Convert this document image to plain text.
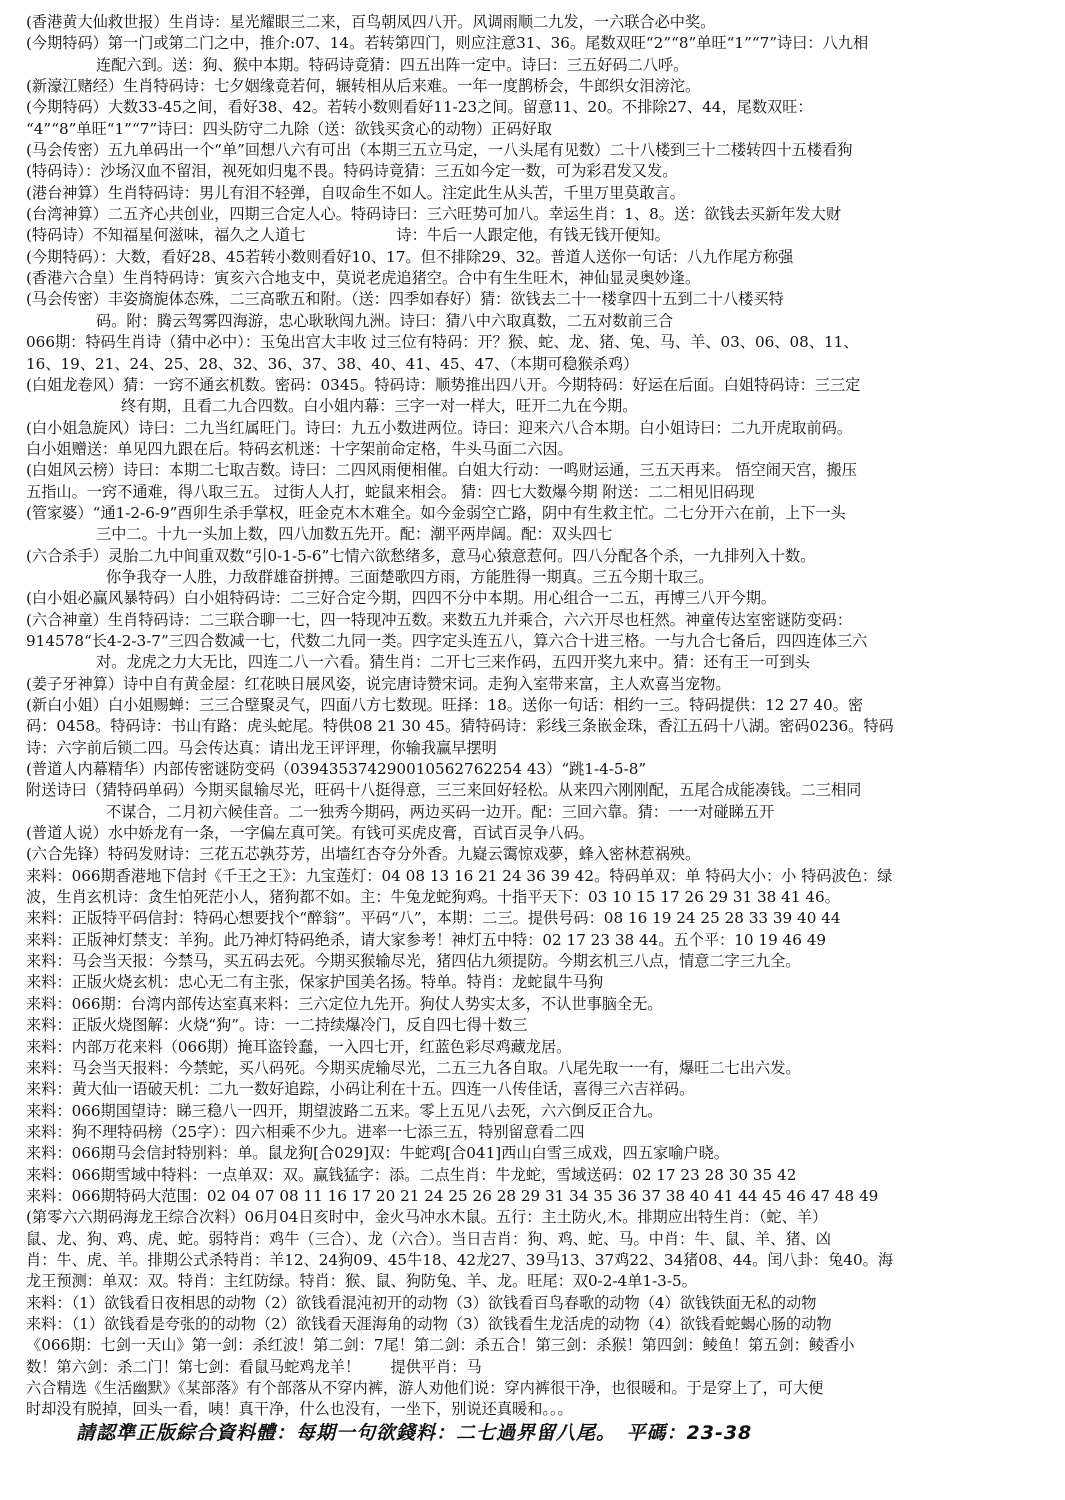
(香港黄大仙救世报）生肖诗：星光耀眼三二来，百鸟朝凤四八开。风调雨顺二九发，一六联合必中奖。
(今期特码）第一门或第二门之中，推介:07、14。若转第四门，则应注意31、36。尾数双旺“2”“8”单旺“1”“7”诗曰：八九相
连配六到。送：狗、猴中本期。特码诗竟猜：四五出阵一定中。诗曰：三五好码二八呼。
(新濠江赌经）生肖特码诗：七夕姻缘竟若何，辗转相从后来难。一年一度鹊桥会，牛郎织女泪滂沱。
(今期特码）大数33-45之间，看好38、42。若转小数则看好11-23之间。留意11、20。不排除27、44，尾数双旺：
“4”“8”单旺“1”“7”诗曰：四头防守二九除（送：欲钱买贪心的动物）正码好取
(马会传密）五九单码出一个“单”回想八六有可出（本期三五立马定，一八头尾有见数）二十八楼到三十二楼转四十五楼看狗
(特码诗）：沙场汉血不留泪，视死如归鬼不畏。特码诗竟猜：三五如今定一数，可为彩君发又发。
(港台神算）生肖特码诗：男儿有泪不轻弹，自叹命生不如人。注定此生从头苦，千里万里莫敢言。
(台湾神算）二五齐心共创业，四期三合定人心。特码诗曰：三六旺势可加八。幸运生肖：1、8。送：欲钱去买新年发大财
(特码诗）不知福星何滋味，福久之人道七　　　　　　诗：牛后一人跟定他，有钱无钱开便知。
(今期特码）：大数，看好28、45若转小数则看好10、17。但不排除29、32。普道人送你一句话：八九作尾方称强
(香港六合皇）生肖特码诗：寅亥六合地支中，莫说老虎追猪空。合中有生生旺木，神仙显灵奥妙逢。
(马会传密）丰姿旖旎体态殊，二三高歌五和附。（送：四季如春好）猜：欲钱去二十一楼拿四十五到二十八楼买特
码。附：腾云驾雾四海游，忠心耿耿闯九洲。诗曰：猜八中六取真数，二五对数前三合
066期：特码生肖诗（猜中必中）：玉兔出宫大丰收 过三位有特码：开？猴、蛇、龙、猪、兔、马、羊、03、06、08、11、
16、19、21、24、25、28、32、36、37、38、40、41、45、47、（本期可稳猴杀鸡）
(白姐龙卷风）猜：一窍不通玄机数。密码：0345。特码诗：顺势推出四八开。今期特码：好运在后面。白姐特码诗：三三定
终有期，且看二九合四数。白小姐内幕：三字一对一样大，旺开二九在今期。
(白小姐急旋风）诗曰：二九当红属旺门。诗曰：九五小数进两位。诗曰：迎来六八合本期。白小姐诗曰：二九开虎取前码。
白小姐赠送：单见四九跟在后。特码玄机迷：十字架前命定格，牛头马面二六因。
(白姐风云榜）诗曰：本期二七取吉数。诗曰：二四风雨便相催。白姐大行动：一鸣财运通，三五天再来。 悟空闹天宫，搬压
五指山。一窍不通难，得八取三五。 过街人人打，蛇鼠来相会。 猜：四七大数爆今期 附送：二二相见旧码现
(管家婆）“通1-2-6-9”酉卯生杀手掌权，旺金克木木难全。如今金弱空亡路，阴中有生救主忙。二七分开六在前，上下一头
三中二。十九一头加上数，四八加数五先开。配：潮平两岸阔。配：双头四七
(六合杀手）灵胎二九中间重双数“引0-1-5-6”七情六欲愁绪多，意马心猿意惹何。四八分配各个杀，一九排列入十数。
你争我夺一人胜，力敌群雄奋拼搏。三面楚歌四方雨，方能胜得一期真。三五今期十取三。
(白小姐必赢风暴特码）白小姐特码诗：二三好合定今期，四四不分中本期。用心组合一二五，再博三八开今期。
(六合神童）生肖特码诗：二三联合聊一七，四一特现冲五数。来数五九并乘合，六六开尽也枉然。神童传达室密谜防变码：
914578“长4-2-3-7”三四合数减一七，代数二九同一类。四字定头连五八，算六合十进三格。一与九合七备后，四四连体三六
对。龙虎之力大无比，四连二八一六看。猜生肖：二开七三来作码，五四开奖九来中。猜：还有王一可到头
(姜子牙神算）诗中自有黄金屋：红花映日展风姿，说完唐诗赞宋词。走狗入室带来富，主人欢喜当宠物。
(新白小姐）白小姐赐蝉：三三合壁聚灵气，四面八方七数现。旺择：18。送你一句话：相约一三。特码提供：12 27 40。密
码：0458。特码诗：书山有路：虎头蛇尾。特供08 21 30 45。猜特码诗：彩线三条嵌金珠，香江五码十八湖。密码0236。特码
诗：六字前后锁二四。马会传达真：请出龙王评评理，你输我赢早摆明
(普道人内幕精华）内部传密谜防变码（039435374290010562762254 43）“跳1-4-5-8”
附送诗曰（猜特码单码）今期买鼠输尽光，旺码十八挺得意，三三来回好轻松。从来四六刚刚配，五尾合成能凑钱。二三相同
不谋合，二月初六候佳音。二一独秀今期码，两边买码一边开。配：三回六靠。猜：一一对碰睇五开
(普道人说）水中娇龙有一条，一字偏左真可笑。有钱可买虎皮膏，百试百灵争八码。
(六合先锋）特码发财诗：三花五芯孰芬芳，出墙红杏夺分外香。九嶷云霭惊戏夢，蜂入密林惹祸殃。
来料：066期香港地下信封《千王之王》：九宝莲灯：04 08 13 16 21 24 36 39 42。特码单双：单 特码大小：小 特码波色：绿
波，生肖玄机诗：贪生怕死茫小人，猪狗都不如。主：牛兔龙蛇狗鸡。十指平天下：03 10 15 17 26 29 31 38 41 46。
来料：正版特平码信封：特码心想要找个“醉翁”。平码“八”，本期：二三。提供号码：08 16 19 24 25 28 33 39 40 44
来料：正版神灯禁支：羊狗。此乃神灯特码绝杀，请大家参考！神灯五中特：02 17 23 38 44。五个平：10 19 46 49
来料：马会当天报：今禁马，买五码去死。今期买猴输尽光，猪四佔九须提防。今期玄机三八点，情意二字三九全。
来料：正版火烧玄机：忠心无二有主张，保家护国美名扬。特单。特肖：龙蛇鼠牛马狗
来料：066期：台湾内部传达室真来料：三六定位九先开。狗仗人势实太多，不认世事脑全无。
来料：正版火烧图解：火烧“狗”。诗：一二持续爆冷门，反自四七得十数三
来料：内部万花来料（066期）掩耳盗铃蠢，一入四七开，红蓝色彩尽鸡藏龙居。
来料：马会当天报料：今禁蛇，买八码死。今期买虎输尽光，二五三九各自取。八尾先取一一有，爆旺二七出六发。
来料：黄大仙一语破天机：二九一数好追踪，小码让利在十五。四连一八传佳话，喜得三六吉祥码。
来料：066期国望诗：睇三稳八一四开，期望波路二五来。零上五见八去死，六六倒反正合九。
来料：狗不理特码榜（25字）：四六相乘不少九。进率一七添三五，特别留意看二四
来料：066期马会信封特别料：单。鼠龙狗[合029]双：牛蛇鸡[合041]西山白雪三成戏，四五家喻户晓。
来料：066期雪域中特料：一点单双：双。赢钱猛字：添。二点生肖：牛龙蛇，雪域送码：02 17 23 28 30 35 42
来料：066期特码大范围：02 04 07 08 11 16 17 20 21 24 25 26 28 29 31 34 35 36 37 38 40 41 44 45 46 47 48 49
(第零六六期码海龙王综合次料）06月04日亥时中，金火马冲水木鼠。五行：主土防火,木。排期应出特生肖：（蛇、羊）
鼠、龙、狗、鸡、虎、蛇。弱特肖：鸡牛（三合）、龙（六合）。当日吉肖：狗、鸡、蛇、马。中肖：牛、鼠、羊、猪、凶
肖：牛、虎、羊。排期公式杀特肖：羊12、24狗09、45牛18、42龙27、39马13、37鸡22、34猪08、44。闰八卦：兔40。海
龙王预测：单双：双。特肖：主红防绿。特肖：猴、鼠、狗防兔、羊、龙。旺尾：双0-2-4单1-3-5。
来料：（1）欲钱看日夜相思的动物（2）欲钱看混沌初开的动物（3）欲钱看百鸟春歌的动物（4）欲钱铁面无私的动物
来料：（1）欲钱看是夸张的的动物（2）欲钱看天涯海角的动物（3）欲钱看生龙活虎的动物（4）欲钱看蛇蝎心肠的动物
《066期：七剑一天山》第一剑：杀红波！第二剑：7尾！第二剑：杀五合！第三剑：杀猴！第四剑：鲮鱼！第五剑：鲮香小
数！第六剑：杀二门！第七剑：看鼠马蛇鸡龙羊！　　提供平肖：马
六合精选《生活幽默》《某部落》有个部落从不穿内裤，游人劝他们说：穿内裤很干净，也很暖和。于是穿上了，可大便
时却没有脱掉，回头一看，咦！真干净，什么也没有，一坐下，别说还真暖和。。。
請認準正版綜合資料體：每期一句欲錢料：二七過界留八尾。　平碼：23-38
